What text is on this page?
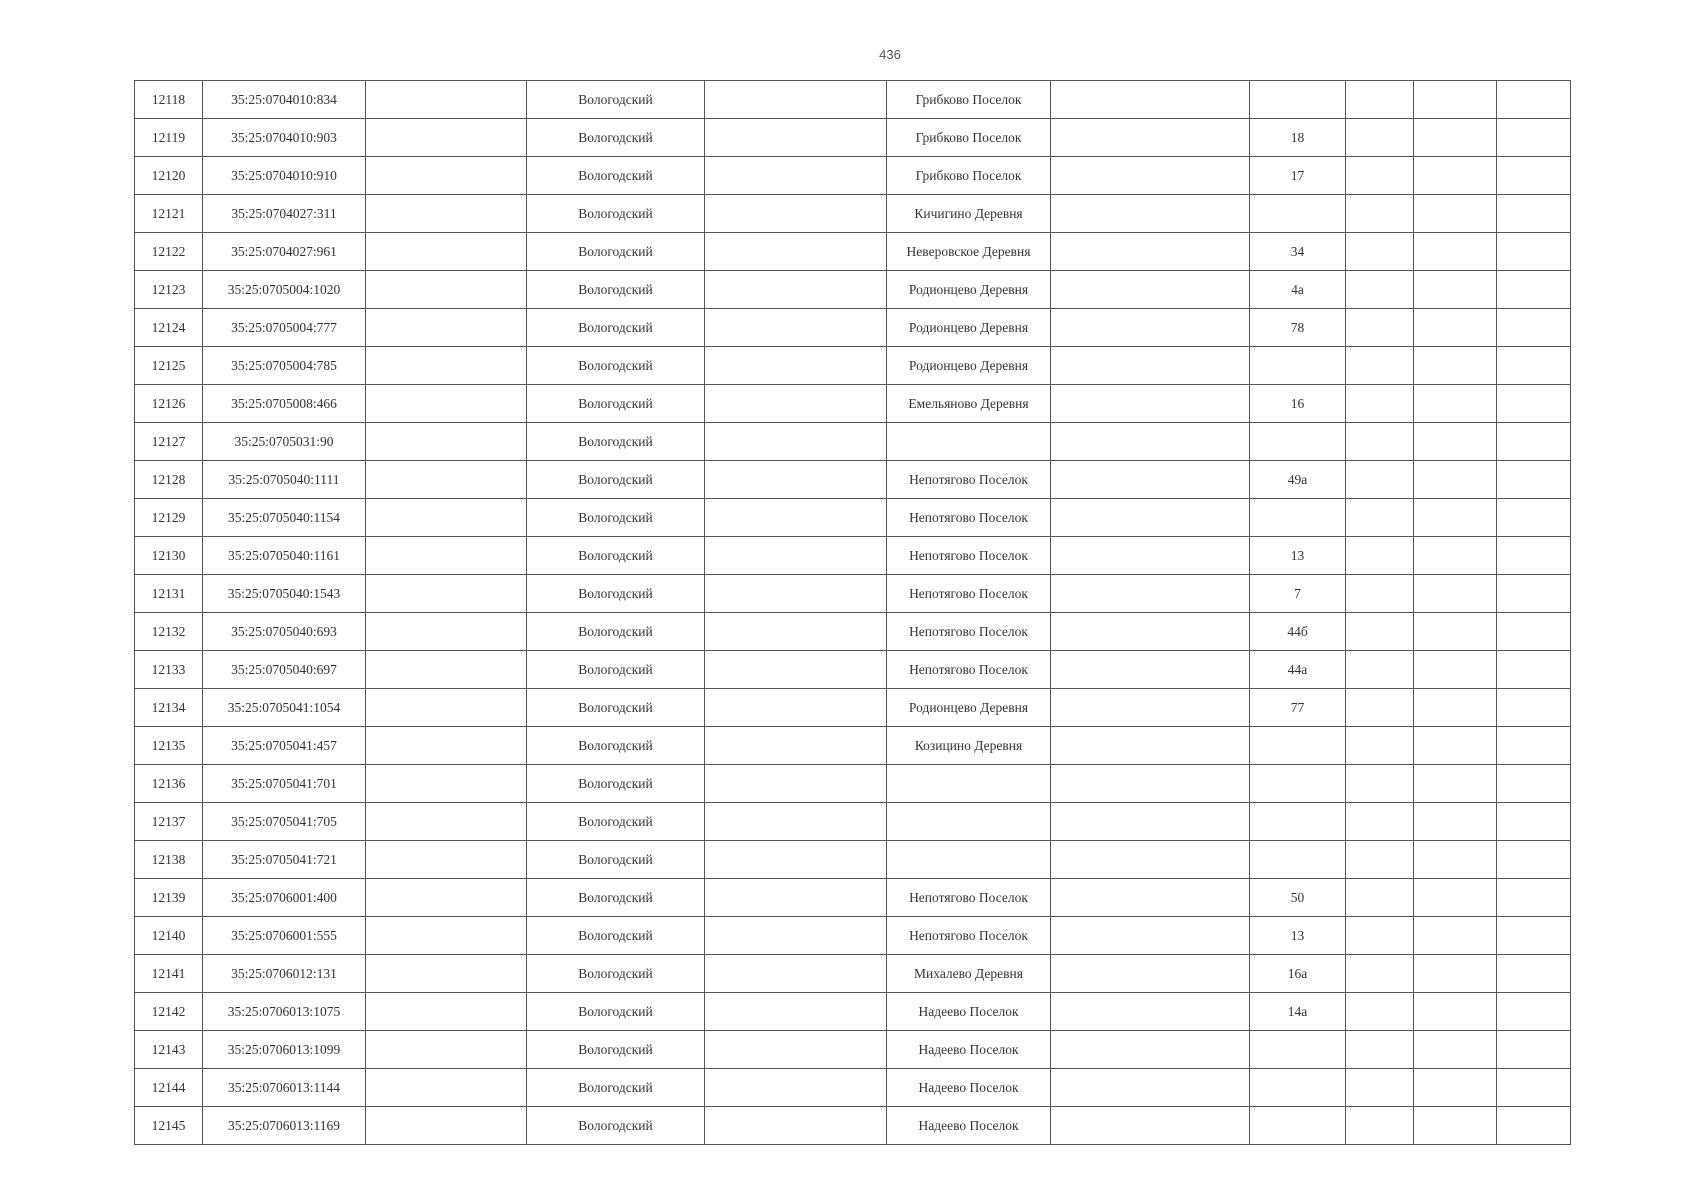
436
12118	35:25:0704010:834		Вологодский		Грибково Поселок					
12119	35:25:0704010:903		Вологодский		Грибково Поселок		18			
12120	35:25:0704010:910		Вологодский		Грибково Поселок		17			
12121	35:25:0704027:311		Вологодский		Кичигино Деревня					
12122	35:25:0704027:961		Вологодский		Неверовское Деревня		34			
12123	35:25:0705004:1020		Вологодский		Родионцево Деревня		4а			
12124	35:25:0705004:777		Вологодский		Родионцево Деревня		78			
12125	35:25:0705004:785		Вологодский		Родионцево Деревня					
12126	35:25:0705008:466		Вологодский		Емельяново Деревня		16			
12127	35:25:0705031:90		Вологодский							
12128	35:25:0705040:1111		Вологодский		Непотягово Поселок		49а			
12129	35:25:0705040:1154		Вологодский		Непотягово Поселок					
12130	35:25:0705040:1161		Вологодский		Непотягово Поселок		13			
12131	35:25:0705040:1543		Вологодский		Непотягово Поселок		7			
12132	35:25:0705040:693		Вологодский		Непотягово Поселок		44б			
12133	35:25:0705040:697		Вологодский		Непотягово Поселок		44а			
12134	35:25:0705041:1054		Вологодский		Родионцево Деревня		77			
12135	35:25:0705041:457		Вологодский		Козицино Деревня					
12136	35:25:0705041:701		Вологодский							
12137	35:25:0705041:705		Вологодский							
12138	35:25:0705041:721		Вологодский							
12139	35:25:0706001:400		Вологодский		Непотягово Поселок		50			
12140	35:25:0706001:555		Вологодский		Непотягово Поселок		13			
12141	35:25:0706012:131		Вологодский		Михалево Деревня		16а			
12142	35:25:0706013:1075		Вологодский		Надеево Поселок		14а			
12143	35:25:0706013:1099		Вологодский		Надеево Поселок					
12144	35:25:0706013:1144		Вологодский		Надеево Поселок					
12145	35:25:0706013:1169		Вологодский		Надеево Поселок					
